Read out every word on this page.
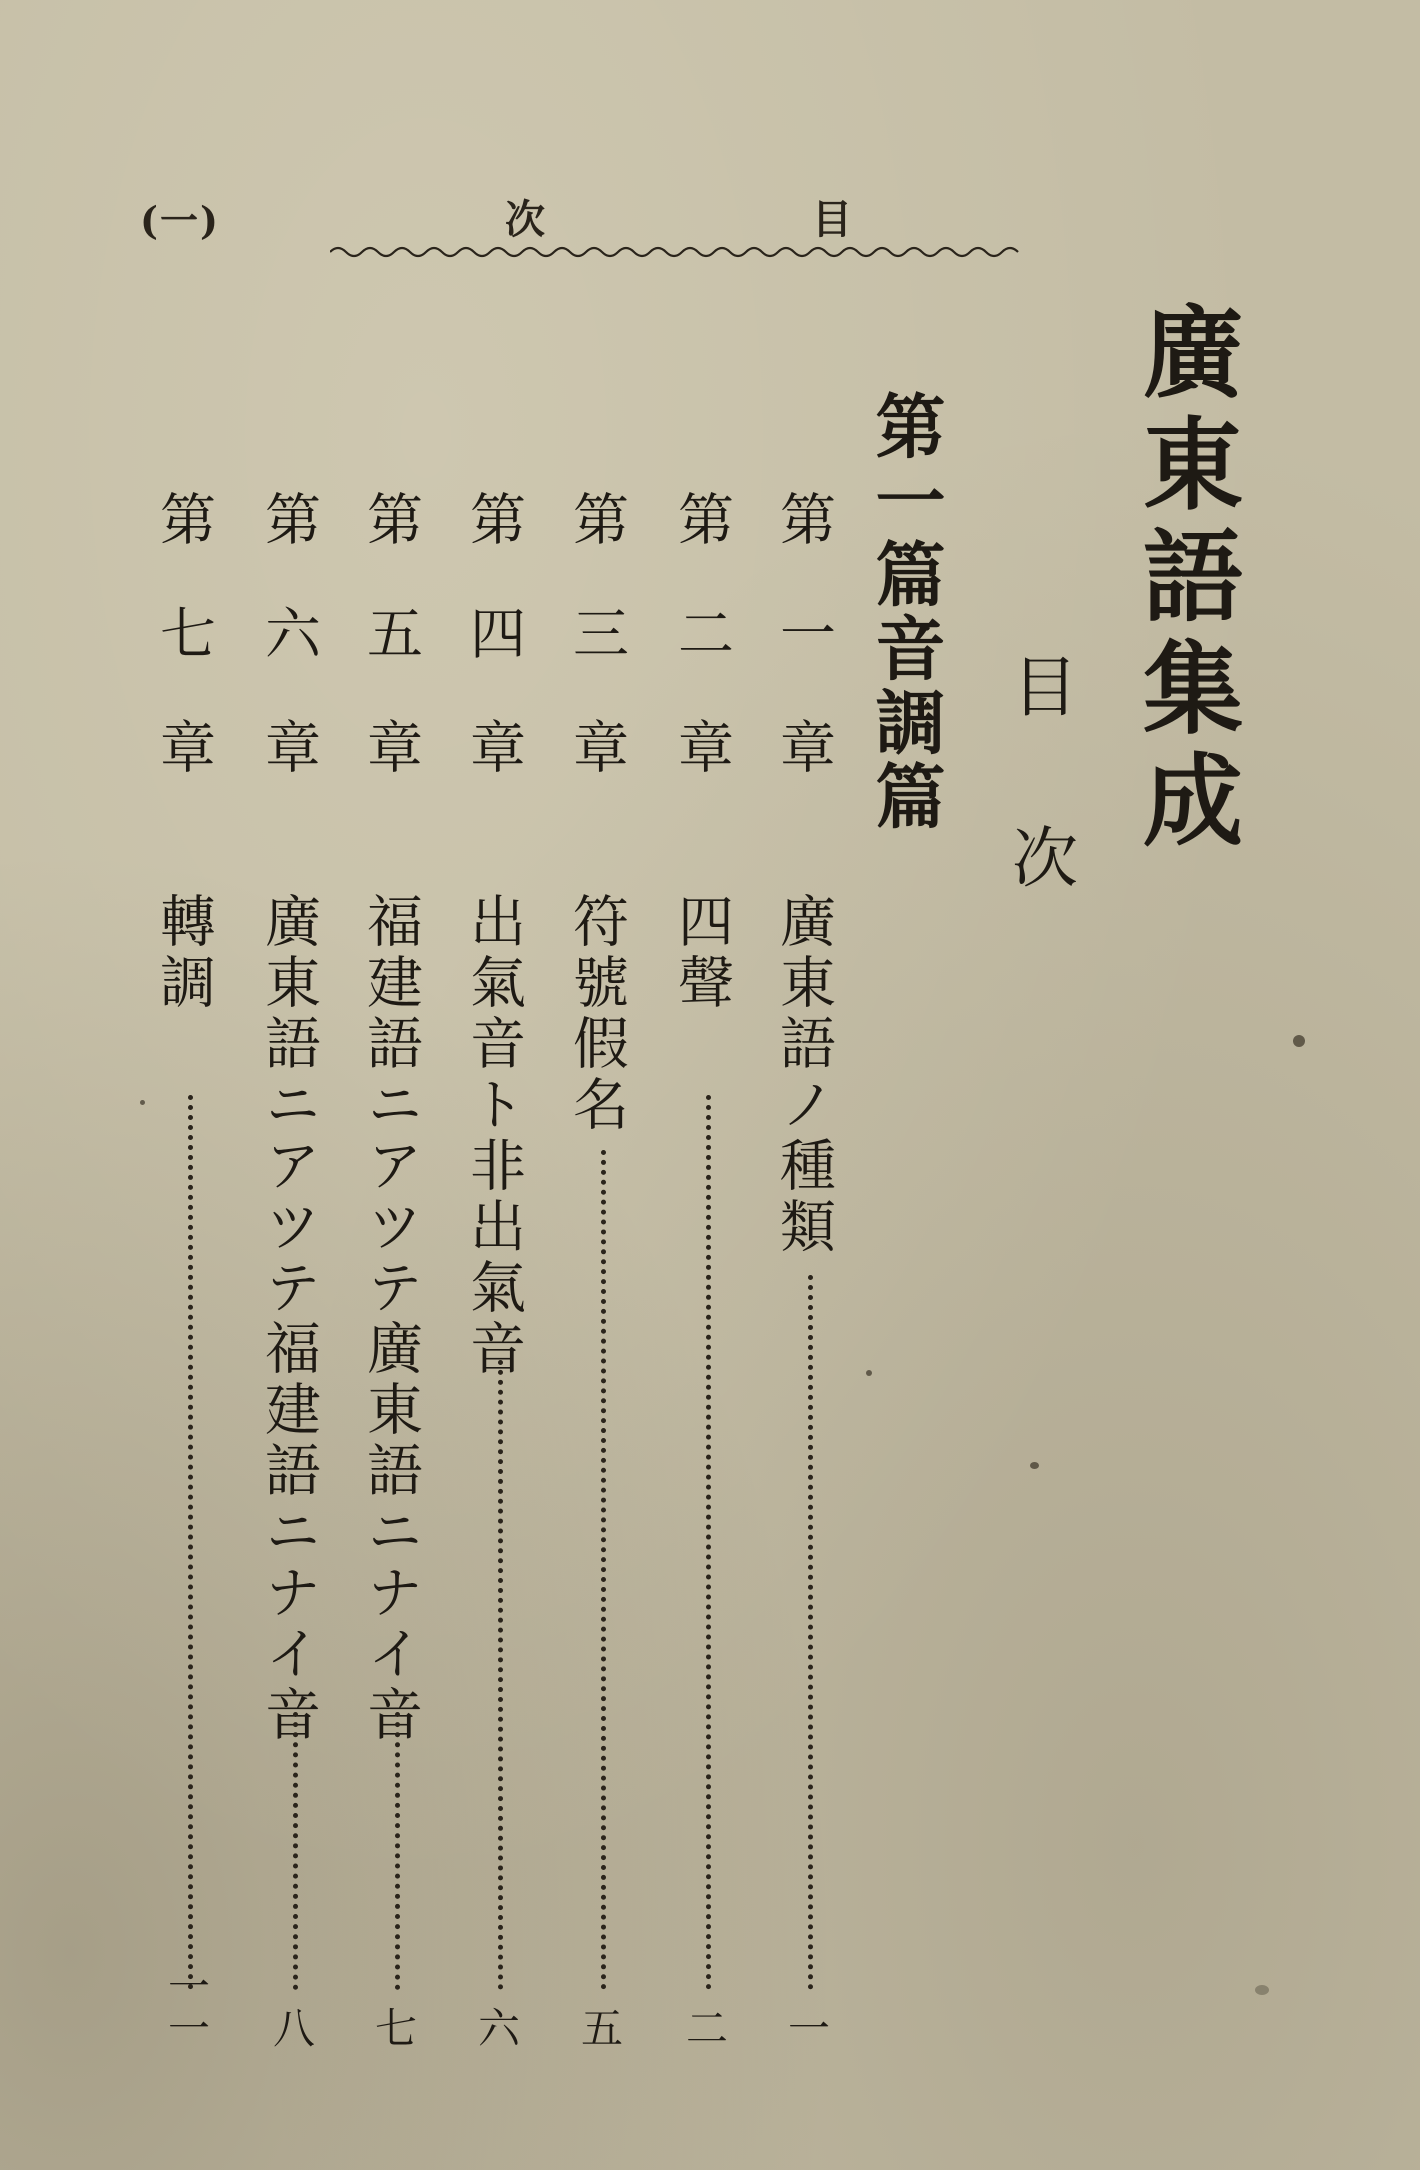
(一)	次	目
廣東語集成
目
次
第一篇音調篇
第一章
廣東語ノ種類
一
第二章
四聲
二
第三章
符號假名
五
第四章
出氣音ト非出氣音
六
第五章
福建語ニアツテ廣東語ニナイ音
七
第六章
廣東語ニアツテ福建語ニナイ音
八
第七章
轉調
一一
